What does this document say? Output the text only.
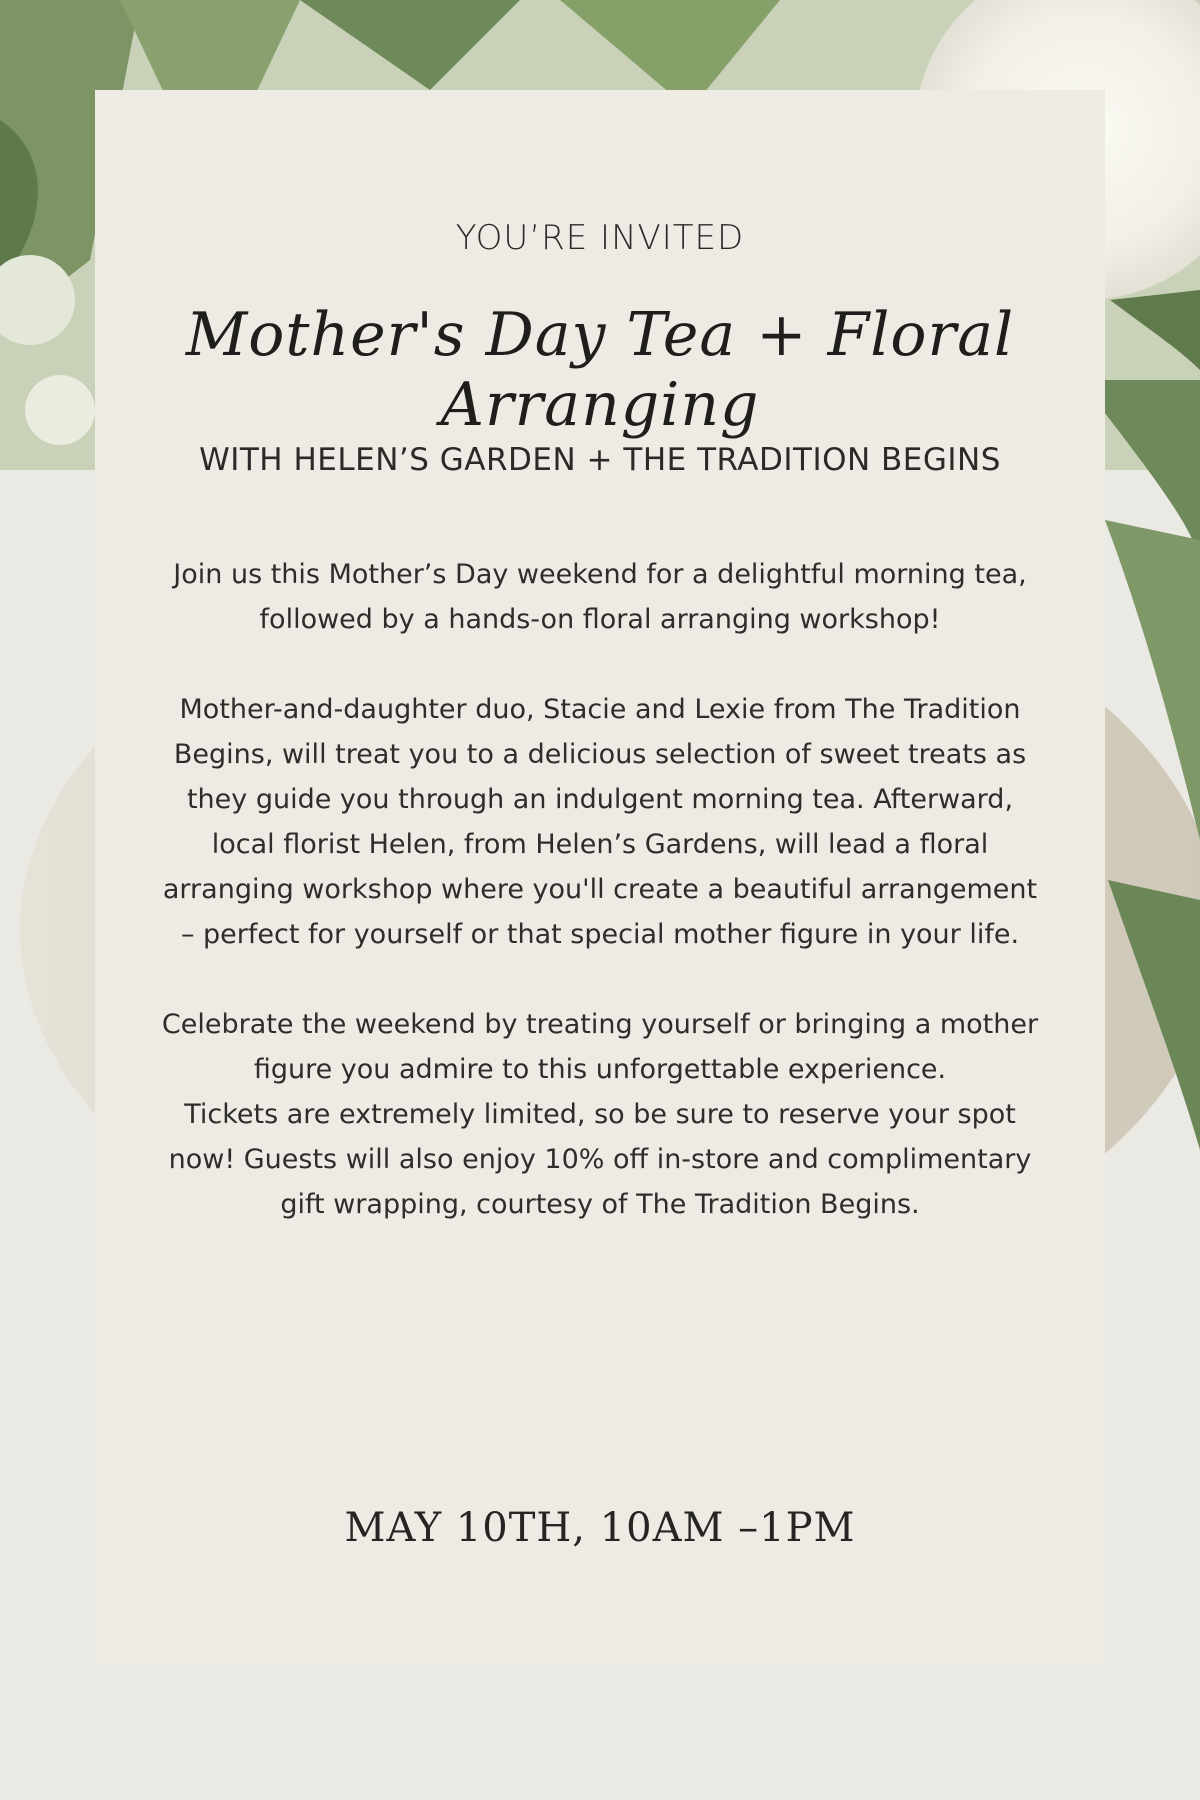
YOU’RE INVITED
Mother's Day Tea + Floral Arranging
WITH HELEN’S GARDEN + THE TRADITION BEGINS

Join us this Mother’s Day weekend for a delightful morning tea, followed by a hands-on floral arranging workshop!

Mother-and-daughter duo, Stacie and Lexie from The Tradition Begins, will treat you to a delicious selection of sweet treats as they guide you through an indulgent morning tea. Afterward, local florist Helen, from Helen’s Gardens, will lead a floral arranging workshop where you'll create a beautiful arrangement – perfect for yourself or that special mother figure in your life.

Celebrate the weekend by treating yourself or bringing a mother figure you admire to this unforgettable experience.

Tickets are extremely limited, so be sure to reserve your spot now! Guests will also enjoy 10% off in-store and complimentary gift wrapping, courtesy of The Tradition Begins.

MAY 10TH, 10AM –1PM
